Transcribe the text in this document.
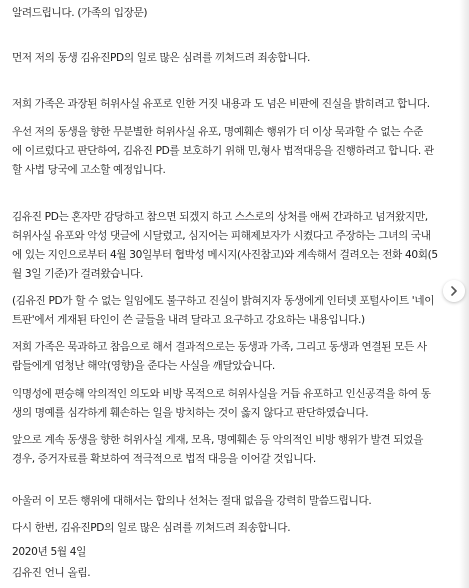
알려드립니다. (가족의 입장문)
먼저 저의 동생 김유진PD의 일로 많은 심려를 끼쳐드려 죄송합니다.
저희 가족은 과장된 허위사실 유포로 인한 거짓 내용과 도 넘은 비판에 진실을 밝히려고 합니다.
우선 저의 동생을 향한 무분별한 허위사실 유포, 명예훼손 행위가 더 이상 묵과할 수 없는 수준
에 이르렀다고 판단하여, 김유진 PD를 보호하기 위해 민,형사 법적대응을 진행하려고 합니다. 관
할 사법 당국에 고소할 예정입니다.
김유진 PD는 혼자만 감당하고 참으면 되겠지 하고 스스로의 상처를 애써 간과하고 넘겨왔지만,
허위사실 유포와 악성 댓글에 시달렸고, 심지어는 피해제보자가 시켰다고 주장하는 그녀의 국내
에 있는 지인으로부터 4월 30일부터 협박성 메시지(사진참고)와 계속해서 걸려오는 전화 40회(5
월 3일 기준)가 걸려왔습니다.
(김유진 PD가 할 수 없는 일임에도 불구하고 진실이 밝혀지자 동생에게 인터넷 포털사이트 '네이
트판'에서 게재된 타인이 쓴 글들을 내려 달라고 요구하고 강요하는 내용입니다.)
저희 가족은 묵과하고 참음으로 해서 결과적으로는 동생과 가족, 그리고 동생과 연결된 모든 사
람들에게 엄청난 해악(영향)을 준다는 사실을 깨달았습니다.
익명성에 편승해 악의적인 의도와 비방 목적으로 허위사실을 거듭 유포하고 인신공격을 하여 동
생의 명예를 심각하게 훼손하는 일을 방치하는 것이 옳지 않다고 판단하였습니다.
앞으로 계속 동생을 향한 허위사실 게재, 모욕, 명예훼손 등 악의적인 비방 행위가 발견 되었을
경우, 증거자료를 확보하여 적극적으로 법적 대응을 이어갈 것입니다.
아울러 이 모든 행위에 대해서는 합의나 선처는 절대 없음을 강력히 말씀드립니다.
다시 한번, 김유진PD의 일로 많은 심려를 끼쳐드려 죄송합니다.
2020년 5월 4일
김유진 언니 올림.
